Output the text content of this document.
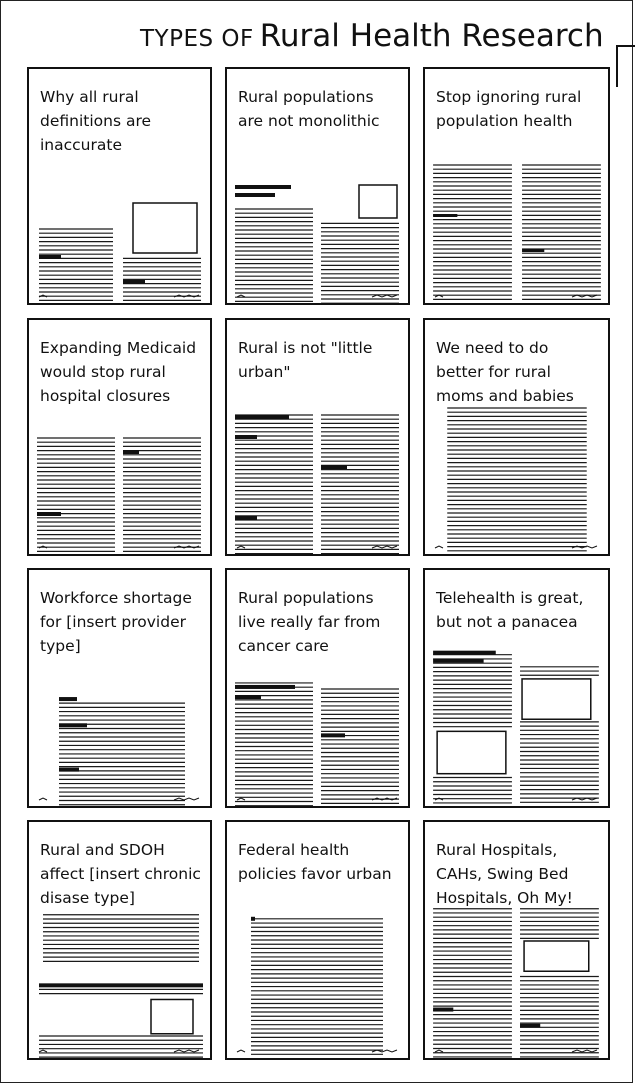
TYPES OF Rural Health Research
Why all rural definitions are inaccurate
Rural populations are not monolithic
Stop ignoring rural population health
Expanding Medicaid would stop rural hospital closures
Rural is not "little urban"
We need to do better for rural moms and babies
Workforce shortage for [insert provider type]
Rural populations live really far from cancer care
Telehealth is great, but not a panacea
Rural and SDOH affect [insert chronic disase type]
Federal health policies favor urban
Rural Hospitals, CAHs, Swing Bed Hospitals, Oh My!
